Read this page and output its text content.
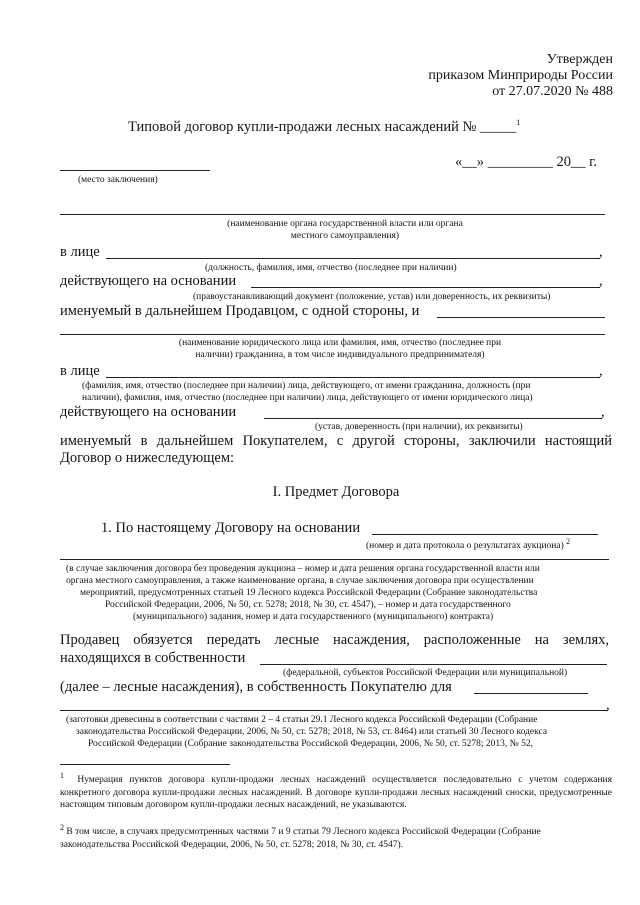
Утвержден
приказом Минприроды России
от 27.07.2020 № 488
Типовой договор купли-продажи лесных насаждений № _____$^1$
(место заключения)
«__» _________ 20__ г.
(наименование органа государственной власти или органа
местного самоуправления)
в лице	,
(должность, фамилия, имя, отчество (последнее при наличии)
действующего на основании	,
(правоустанавливающий документ (положение, устав) или доверенность, их реквизиты)
именуемый в дальнейшем Продавцом, с одной стороны, и
(наименование юридического лица или фамилия, имя, отчество (последнее при
наличии) гражданина, в том числе индивидуального предпринимателя)
в лице	,
(фамилия, имя, отчество (последнее при наличии) лица, действующего, от имени гражданина, должность (при
наличии), фамилия, имя, отчество (последнее при наличии) лица, действующего от имени юридического лица)
действующего на основании	,
(устав, доверенность (при наличии), их реквизиты)
именуемый в дальнейшем Покупателем, с другой стороны, заключили настоящий
Договор о нижеследующем:
I. Предмет Договора
1. По настоящему Договору на основании
(номер и дата протокола о результатах аукциона) $^2$
(в случае заключения договора без проведения аукциона – номер и дата решения органа государственной власти или
органа местного самоуправления, а также наименование органа, в случае заключения договора при осуществлении
мероприятий, предусмотренных статьей 19 Лесного кодекса Российской Федерации (Собрание законодательства
Российской Федерации, 2006, № 50, ст. 5278; 2018, № 30, ст. 4547), – номер и дата государственного
(муниципального) задания, номер и дата государственного (муниципального) контракта)
Продавец обязуется передать лесные насаждения, расположенные на землях,
находящихся в собственности
(федеральной, субъектов Российской Федерации или муниципальной)
(далее – лесные насаждения), в собственность Покупателю для
,
(заготовки древесины в соответствии с частями 2 – 4 статьи 29.1 Лесного кодекса Российской Федерации (Собрание
законодательства Российской Федерации, 2006, № 50, ст. 5278; 2018, № 53, ст. 8464) или статьей 30 Лесного кодекса
Российской Федерации (Собрание законодательства Российской Федерации, 2006, № 50, ст. 5278; 2013, № 52,
$^1$ Нумерация пунктов договора купли-продажи лесных насаждений осуществляется последовательно с учетом содержания конкретного договора купли-продажи лесных насаждений. В договоре купли-продажи лесных насаждений сноски, предусмотренные настоящим типовым договором купли-продажи лесных насаждений, не указываются.
$^2$ В том числе, в случаях предусмотренных частями 7 и 9 статьи 79 Лесного кодекса Российской Федерации (Собрание законодательства Российской Федерации, 2006, № 50, ст. 5278; 2018, № 30, ст. 4547).
